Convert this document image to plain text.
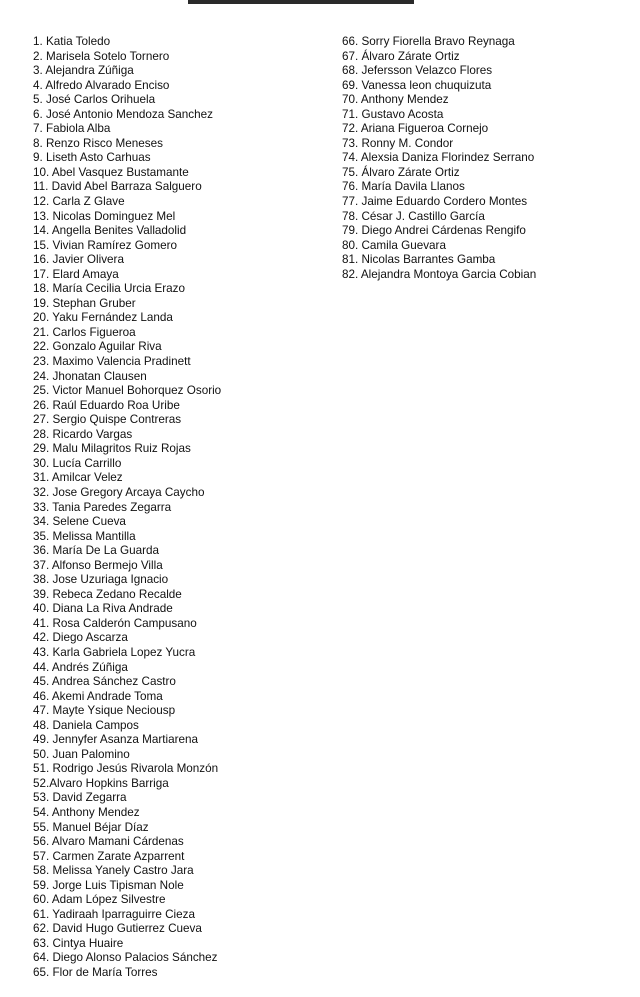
1. Katia Toledo
2. Marisela Sotelo Tornero
3. Alejandra Zúñiga
4. Alfredo Alvarado Enciso
5. José Carlos Orihuela
6. José Antonio Mendoza Sanchez
7. Fabiola Alba
8. Renzo Risco Meneses
9. Liseth Asto Carhuas
10. Abel Vasquez Bustamante
11. David Abel Barraza Salguero
12. Carla Z Glave
13. Nicolas Dominguez Mel
14. Angella Benites Valladolid
15. Vivian Ramírez Gomero
16. Javier Olivera
17. Elard Amaya
18. María Cecilia Urcia Erazo
19. Stephan Gruber
20. Yaku Fernández Landa
21. Carlos Figueroa
22. Gonzalo Aguilar Riva
23. Maximo Valencia Pradinett
24. Jhonatan Clausen
25. Victor Manuel Bohorquez Osorio
26. Raúl Eduardo Roa Uribe
27. Sergio Quispe Contreras
28. Ricardo Vargas
29. Malu Milagritos Ruiz Rojas
30. Lucía Carrillo
31. Amilcar Velez
32. Jose Gregory Arcaya Caycho
33. Tania Paredes Zegarra
34. Selene Cueva
35. Melissa Mantilla
36. María De La Guarda
37. Alfonso Bermejo Villa
38. Jose Uzuriaga Ignacio
39. Rebeca Zedano Recalde
40. Diana La Riva Andrade
41. Rosa Calderón Campusano
42. Diego Ascarza
43. Karla Gabriela Lopez Yucra
44. Andrés Zúñiga
45. Andrea Sánchez Castro
46. Akemi Andrade Toma
47. Mayte Ysique Neciousp
48. Daniela Campos
49. Jennyfer Asanza Martiarena
50. Juan Palomino
51. Rodrigo Jesús Rivarola Monzón
52.Alvaro Hopkins Barriga
53. David Zegarra
54. Anthony Mendez
55. Manuel Béjar Díaz
56. Alvaro Mamani Cárdenas
57. Carmen Zarate Azparrent
58. Melissa Yanely Castro Jara
59. Jorge Luis Tipisman Nole
60. Adam López Silvestre
61. Yadiraah Iparraguirre Cieza
62. David Hugo Gutierrez Cueva
63. Cintya Huaire
64. Diego Alonso Palacios Sánchez
65. Flor de María Torres
66. Sorry Fiorella Bravo Reynaga
67. Álvaro Zárate Ortiz
68. Jefersson Velazco Flores
69. Vanessa leon chuquizuta
70. Anthony Mendez
71. Gustavo Acosta
72. Ariana Figueroa Cornejo
73. Ronny M. Condor
74. Alexsia Daniza Florindez Serrano
75. Álvaro Zárate Ortiz
76. María Davila Llanos
77. Jaime Eduardo Cordero Montes
78. César J. Castillo García
79. Diego Andrei Cárdenas Rengifo
80. Camila Guevara
81. Nicolas Barrantes Gamba
82. Alejandra Montoya Garcia Cobian
